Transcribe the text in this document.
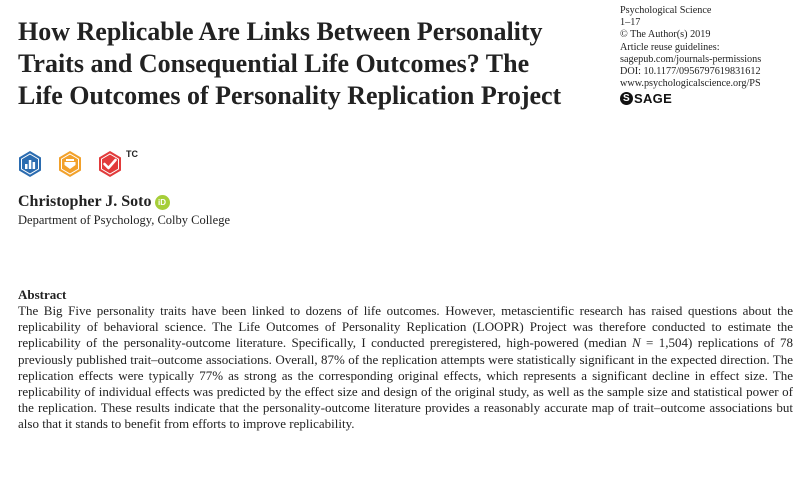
How Replicable Are Links Between Personality Traits and Consequential Life Outcomes? The Life Outcomes of Personality Replication Project
Psychological Science
1–17
© The Author(s) 2019
Article reuse guidelines:
sagepub.com/journals-permissions
DOI: 10.1177/0956797619831612
www.psychologicalscience.org/PS
S SAGE
TC
Christopher J. Soto iD
Department of Psychology, Colby College
Abstract

The Big Five personality traits have been linked to dozens of life outcomes. However, metascientific research has raised questions about the replicability of behavioral science. The Life Outcomes of Personality Replication (LOOPR) Project was therefore conducted to estimate the replicability of the personality-outcome literature. Specifically, I conducted preregistered, high-powered (median N = 1,504) replications of 78 previously published trait–outcome associations. Overall, 87% of the replication attempts were statistically significant in the expected direction. The replication effects were typically 77% as strong as the corresponding original effects, which represents a significant decline in effect size. The replicability of individual effects was predicted by the effect size and design of the original study, as well as the sample size and statistical power of the replication. These results indicate that the personality-outcome literature provides a reasonably accurate map of trait–outcome associations but also that it stands to benefit from efforts to improve replicability.
